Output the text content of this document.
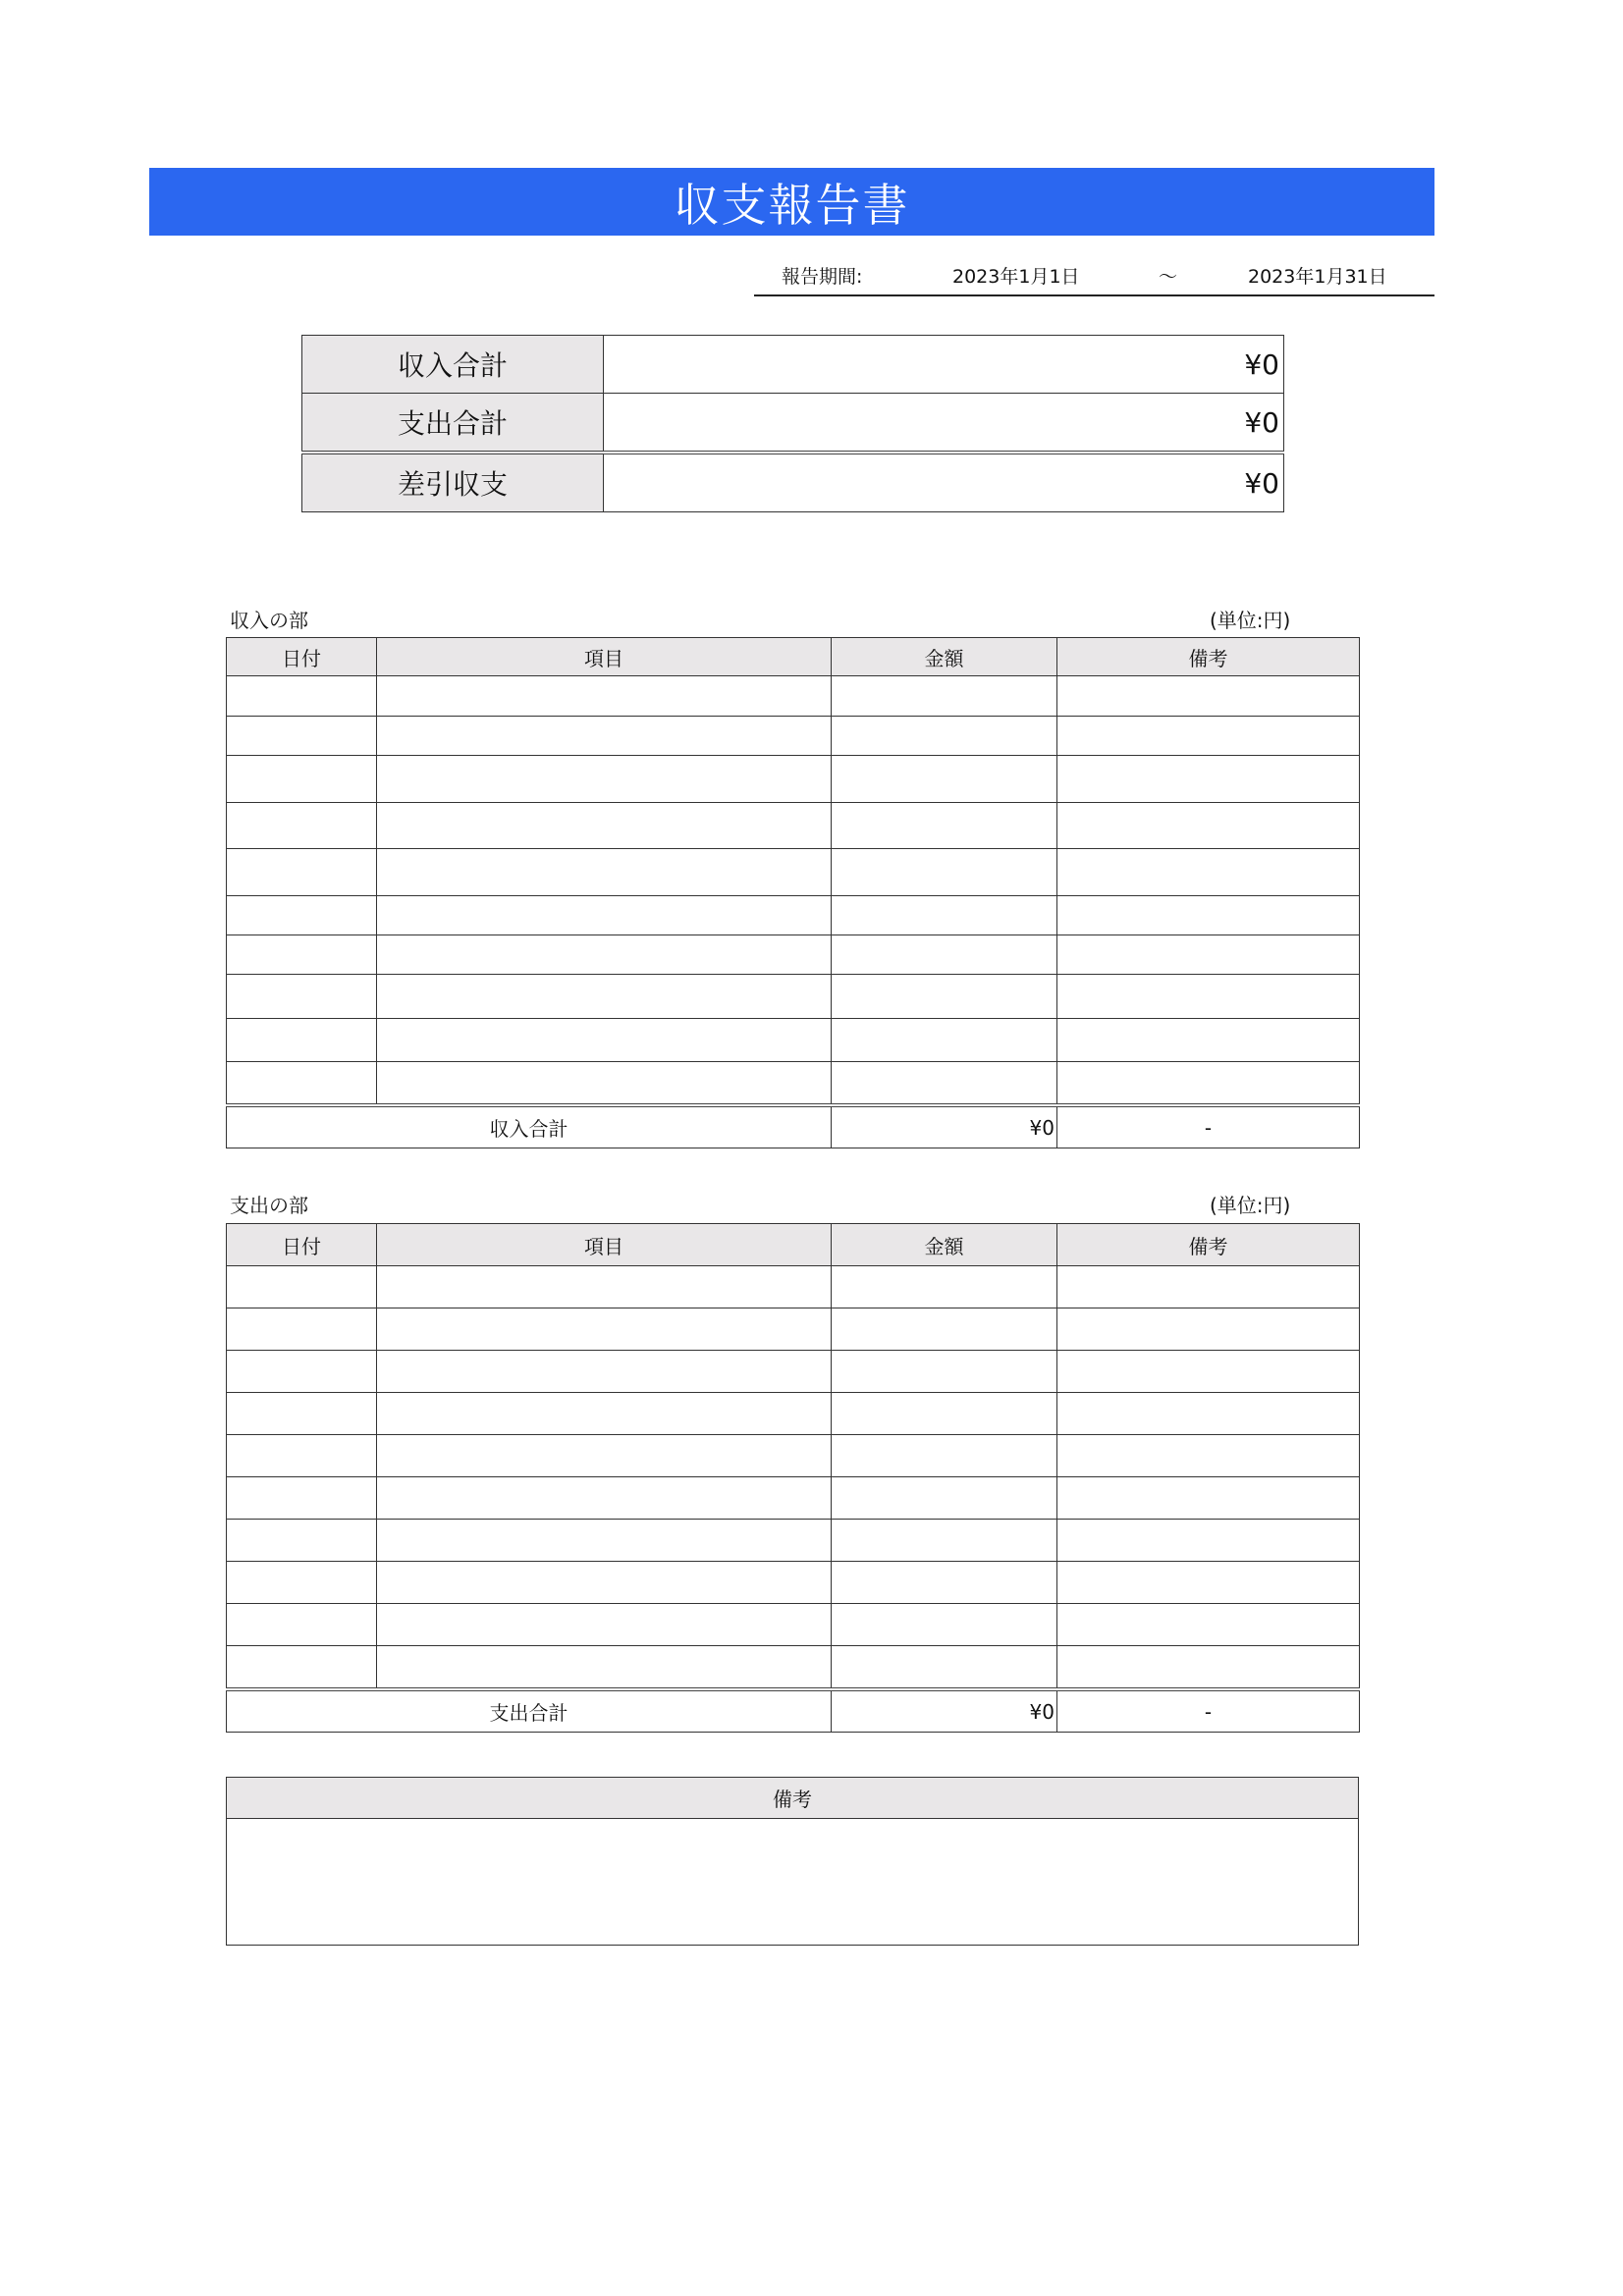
収支報告書
報告期間:	2023年1月1日	～	2023年1月31日
収入合計	¥0
支出合計	¥0
差引収支	¥0
収入の部	(単位:円)
日付	項目	金額	備考

収入合計		¥0	-
支出の部	(単位:円)
日付	項目	金額	備考

支出合計		¥0	-
備考
